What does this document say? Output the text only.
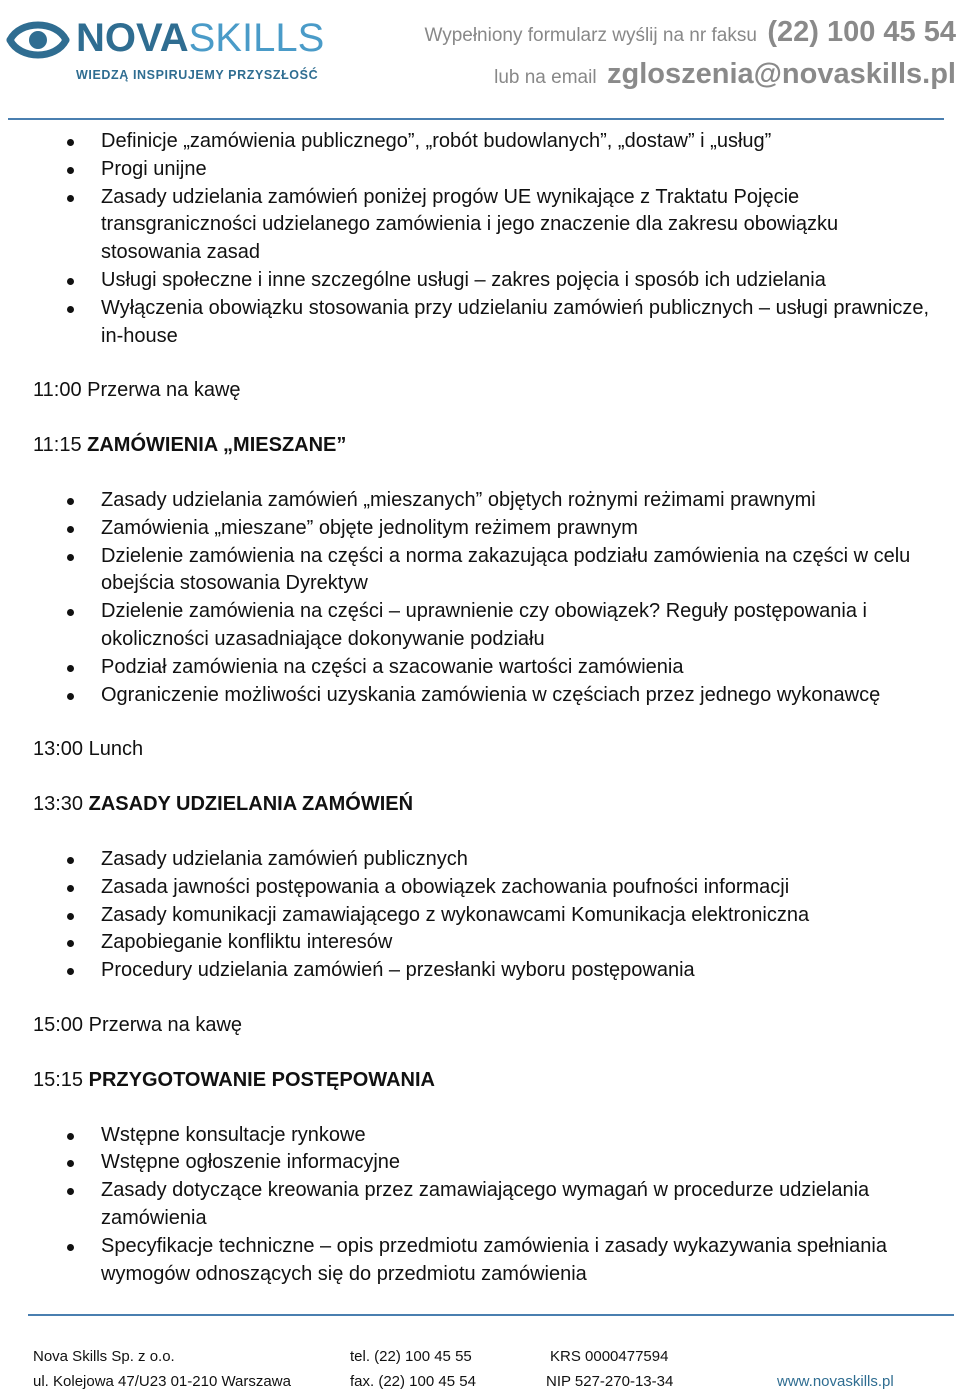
NOVASKILLS
WIEDZĄ INSPIRUJEMY PRZYSZŁOŚĆ
Wypełniony formularz wyślij na nr faksu (22) 100 45 54
lub na email zgloszenia@novaskills.pl
Definicje „zamówienia publicznego”, „robót budowlanych”, „dostaw” i „usług”
Progi unijne
Zasady udzielania zamówień poniżej progów UE wynikające z Traktatu Pojęcie transgraniczności udzielanego zamówienia i jego znaczenie dla zakresu obowiązku stosowania zasad
Usługi społeczne i inne szczególne usługi – zakres pojęcia i sposób ich udzielania
Wyłączenia obowiązku stosowania przy udzielaniu zamówień publicznych – usługi prawnicze, in-house
11:00 Przerwa na kawę
11:15 ZAMÓWIENIA „MIESZANE”
Zasady udzielania zamówień „mieszanych” objętych rożnymi reżimami prawnymi
Zamówienia „mieszane” objęte jednolitym reżimem prawnym
Dzielenie zamówienia na części a norma zakazująca podziału zamówienia na części w celu obejścia stosowania Dyrektyw
Dzielenie zamówienia na części – uprawnienie czy obowiązek? Reguły postępowania i okoliczności uzasadniające dokonywanie podziału
Podział zamówienia na części a szacowanie wartości zamówienia
Ograniczenie możliwości uzyskania zamówienia w częściach przez jednego wykonawcę
13:00 Lunch
13:30 ZASADY UDZIELANIA ZAMÓWIEŃ
Zasady udzielania zamówień publicznych
Zasada jawności postępowania a obowiązek zachowania poufności informacji
Zasady komunikacji zamawiającego z wykonawcami Komunikacja elektroniczna
Zapobieganie konfliktu interesów
Procedury udzielania zamówień – przesłanki wyboru postępowania
15:00 Przerwa na kawę
15:15 PRZYGOTOWANIE POSTĘPOWANIA
Wstępne konsultacje rynkowe
Wstępne ogłoszenie informacyjne
Zasady dotyczące kreowania przez zamawiającego wymagań w procedurze udzielania zamówienia
Specyfikacje techniczne – opis przedmiotu zamówienia i zasady wykazywania spełniania wymogów odnoszących się do przedmiotu zamówienia
Nova Skills Sp. z o.o.
ul. Kolejowa 47/U23 01-210 Warszawa
tel. (22) 100 45 55
fax. (22) 100 45 54
KRS 0000477594
NIP 527-270-13-34	www.novaskills.pl
